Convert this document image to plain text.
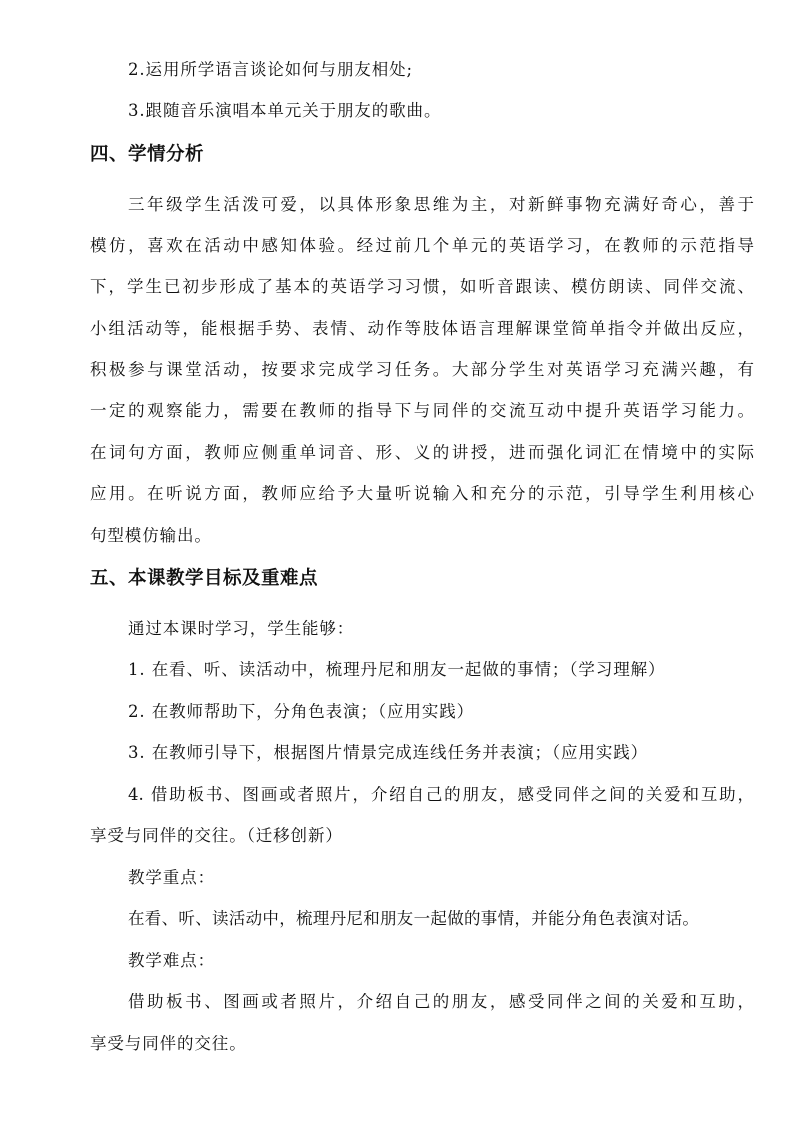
2.运用所学语言谈论如何与朋友相处;
3.跟随音乐演唱本单元关于朋友的歌曲。
四、学情分析
三年级学生活泼可爱，以具体形象思维为主，对新鲜事物充满好奇心，善于
模仿，喜欢在活动中感知体验。经过前几个单元的英语学习，在教师的示范指导
下，学生已初步形成了基本的英语学习习惯，如听音跟读、模仿朗读、同伴交流、
小组活动等，能根据手势、表情、动作等肢体语言理解课堂简单指令并做出反应，
积极参与课堂活动，按要求完成学习任务。大部分学生对英语学习充满兴趣，有
一定的观察能力，需要在教师的指导下与同伴的交流互动中提升英语学习能力。
在词句方面，教师应侧重单词音、形、义的讲授，进而强化词汇在情境中的实际
应用。在听说方面，教师应给予大量听说输入和充分的示范，引导学生利用核心
句型模仿输出。
五、本课教学目标及重难点
通过本课时学习，学生能够：
1. 在看、听、读活动中，梳理丹尼和朋友一起做的事情；（学习理解）
2. 在教师帮助下，分角色表演；（应用实践）
3. 在教师引导下，根据图片情景完成连线任务并表演；（应用实践）
4. 借助板书、图画或者照片，介绍自己的朋友，感受同伴之间的关爱和互助，
享受与同伴的交往。（迁移创新）
教学重点：
在看、听、读活动中，梳理丹尼和朋友一起做的事情，并能分角色表演对话。
教学难点：
借助板书、图画或者照片，介绍自己的朋友，感受同伴之间的关爱和互助，
享受与同伴的交往。
